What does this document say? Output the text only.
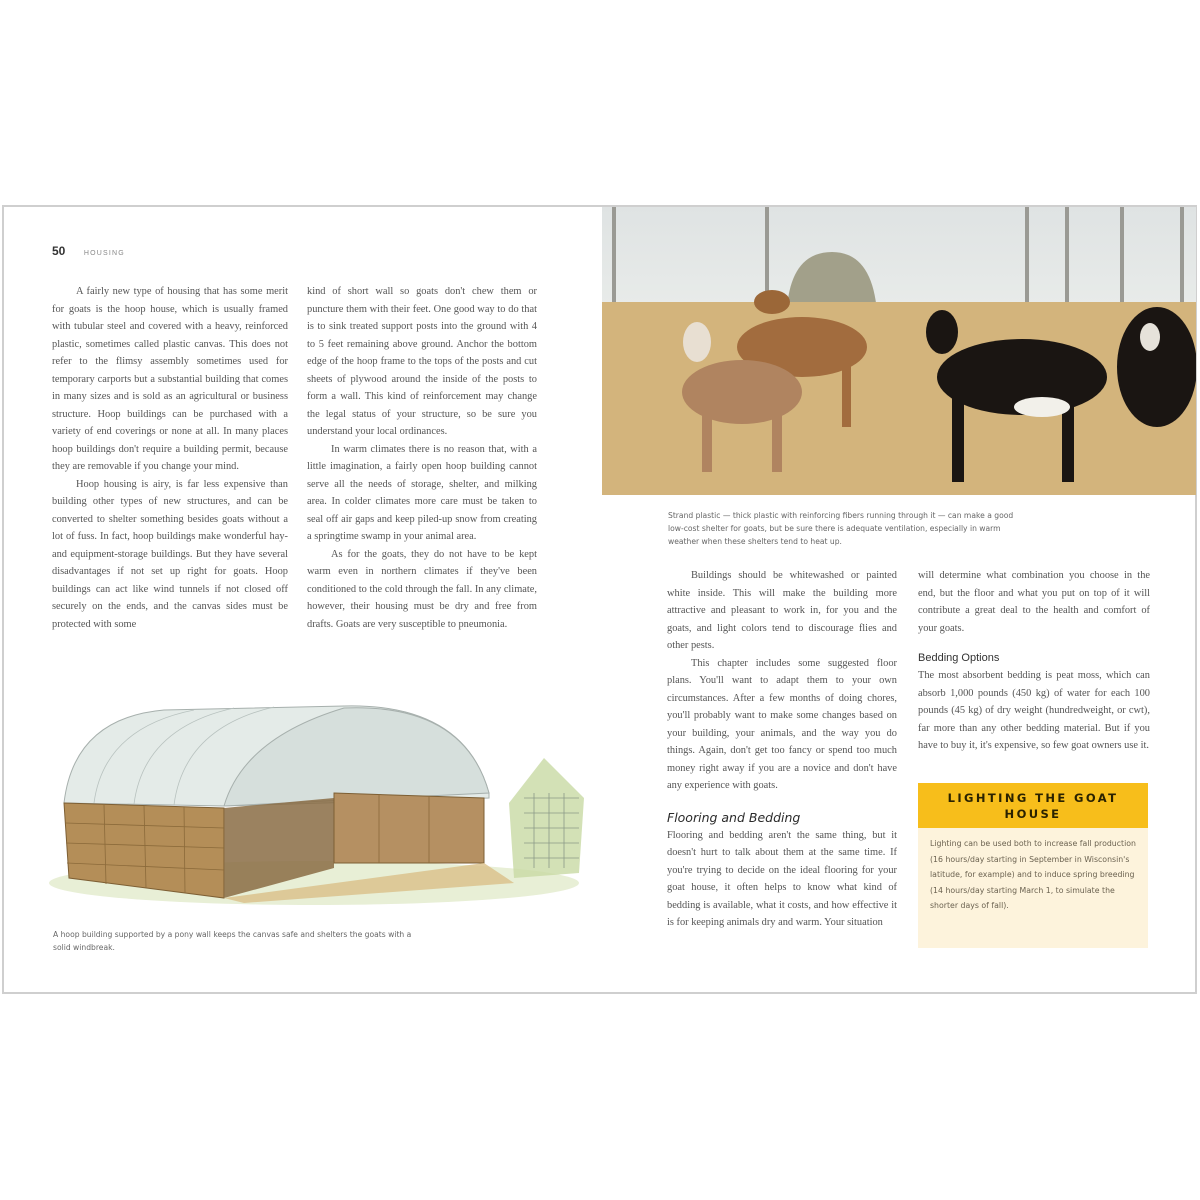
50	HOUSING

A fairly new type of housing that has some merit for goats is the hoop house, which is usually framed with tubular steel and covered with a heavy, reinforced plastic, sometimes called plastic canvas. This does not refer to the flimsy assembly sometimes used for temporary carports but a substantial building that comes in many sizes and is sold as an agricultural or business structure. Hoop buildings can be purchased with a variety of end coverings or none at all. In many places hoop buildings don't require a building permit, because they are removable if you change your mind.

Hoop housing is airy, is far less expensive than building other types of new structures, and can be converted to shelter something besides goats without a lot of fuss. In fact, hoop buildings make wonderful hay- and equipment-storage buildings. But they have several disadvantages if not set up right for goats. Hoop buildings can act like wind tunnels if not closed off securely on the ends, and the canvas sides must be protected with some

kind of short wall so goats don't chew them or puncture them with their feet. One good way to do that is to sink treated support posts into the ground with 4 to 5 feet remaining above ground. Anchor the bottom edge of the hoop frame to the tops of the posts and cut sheets of plywood around the inside of the posts to form a wall. This kind of reinforcement may change the legal status of your structure, so be sure you understand your local ordinances.

In warm climates there is no reason that, with a little imagination, a fairly open hoop building cannot serve all the needs of storage, shelter, and milking area. In colder climates more care must be taken to seal off air gaps and keep piled-up snow from creating a springtime swamp in your animal area.

As for the goats, they do not have to be kept warm even in northern climates if they've been conditioned to the cold through the fall. In any climate, however, their housing must be dry and free from drafts. Goats are very susceptible to pneumonia.

A hoop building supported by a pony wall keeps the canvas safe and shelters the goats with a solid windbreak.
Strand plastic — thick plastic with reinforcing fibers running through it — can make a good low-cost shelter for goats, but be sure there is adequate ventilation, especially in warm weather when these shelters tend to heat up.

Buildings should be whitewashed or painted white inside. This will make the building more attractive and pleasant to work in, for you and the goats, and light colors tend to discourage flies and other pests.

This chapter includes some suggested floor plans. You'll want to adapt them to your own circumstances. After a few months of doing chores, you'll probably want to make some changes based on your building, your animals, and the way you do things. Again, don't get too fancy or spend too much money right away if you are a novice and don't have any experience with goats.

Flooring and Bedding

Flooring and bedding aren't the same thing, but it doesn't hurt to talk about them at the same time. If you're trying to decide on the ideal flooring for your goat house, it often helps to know what kind of bedding is available, what it costs, and how effective it is for keeping animals dry and warm. Your situation

will determine what combination you choose in the end, but the floor and what you put on top of it will contribute a great deal to the health and comfort of your goats.

Bedding Options

The most absorbent bedding is peat moss, which can absorb 1,000 pounds (450 kg) of water for each 100 pounds (45 kg) of dry weight (hundredweight, or cwt), far more than any other bedding material. But if you have to buy it, it's expensive, so few goat owners use it.

LIGHTING THE GOAT HOUSE
Lighting can be used both to increase fall production (16 hours/day starting in September in Wisconsin's latitude, for example) and to induce spring breeding (14 hours/day starting March 1, to simulate the shorter days of fall).
